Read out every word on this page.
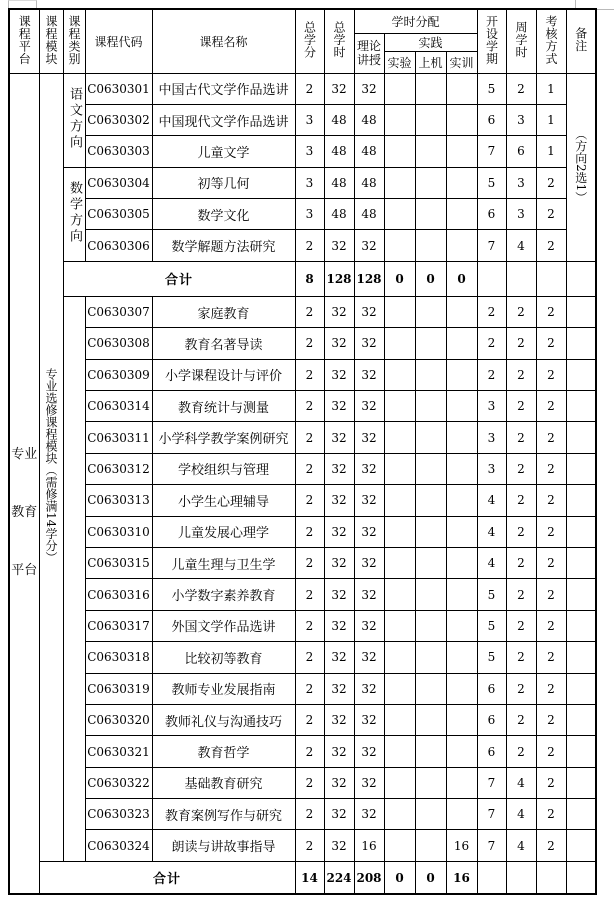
课程平台	课程模块	课程类别	课程代码	课程名称	总学分	总学时	学时分配				开设学期	周学时	考核方式	备注
							理论讲授	实践						
								实验	上机	实训				
专业教育平台	专业选修课程模块（需修满14学分）	语文方向	C0630301	中国古代文学作品选讲	2	32	32				5	2	1	（方向2选1）
			C0630302	中国现代文学作品选讲	3	48	48				6	3	1	
			C0630303	儿童文学	3	48	48				7	6	1	
		数学方向	C0630304	初等几何	3	48	48				5	3	2	
			C0630305	数学文化	3	48	48				6	3	2	
			C0630306	数学解题方法研究	2	32	32				7	4	2	
		合计			8	128	128	0	0	0				
			C0630307	家庭教育	2	32	32				2	2	2	
			C0630308	教育名著导读	2	32	32				2	2	2	
			C0630309	小学课程设计与评价	2	32	32				2	2	2	
			C0630314	教育统计与测量	2	32	32				3	2	2	
			C0630311	小学科学教学案例研究	2	32	32				3	2	2	
			C0630312	学校组织与管理	2	32	32				3	2	2	
			C0630313	小学生心理辅导	2	32	32				4	2	2	
			C0630310	儿童发展心理学	2	32	32				4	2	2	
			C0630315	儿童生理与卫生学	2	32	32				4	2	2	
			C0630316	小学数字素养教育	2	32	32				5	2	2	
			C0630317	外国文学作品选讲	2	32	32				5	2	2	
			C0630318	比较初等教育	2	32	32				5	2	2	
			C0630319	教师专业发展指南	2	32	32				6	2	2	
			C0630320	教师礼仪与沟通技巧	2	32	32				6	2	2	
			C0630321	教育哲学	2	32	32				6	2	2	
			C0630322	基础教育研究	2	32	32				7	4	2	
			C0630323	教育案例写作与研究	2	32	32				7	4	2	
			C0630324	朗读与讲故事指导	2	32	16			16	7	4	2	
	合计				14	224	208	0	0	16				
